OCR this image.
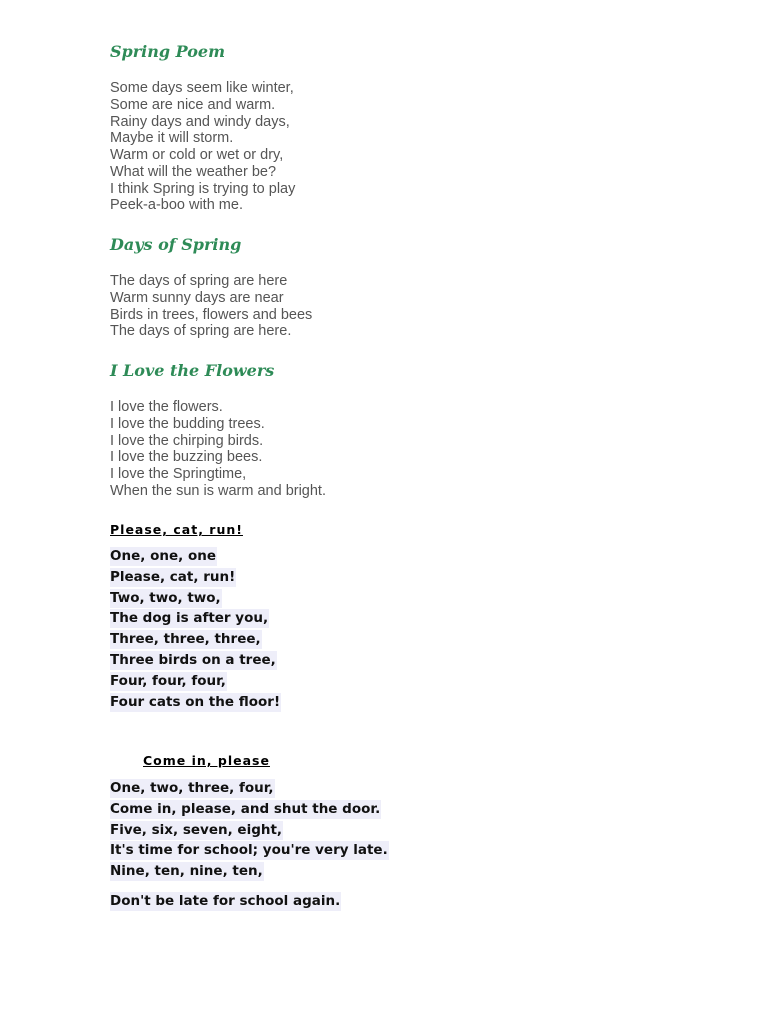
Spring Poem
Some days seem like winter,
Some are nice and warm.
Rainy days and windy days,
Maybe it will storm.
Warm or cold or wet or dry,
What will the weather be?
I think Spring is trying to play
Peek-a-boo with me.
Days of Spring
The days of spring are here
Warm sunny days are near
Birds in trees, flowers and bees
The days of spring are here.
I Love the Flowers
I love the flowers.
I love the budding trees.
I love the chirping birds.
I love the buzzing bees.
I love the Springtime,
When the sun is warm and bright.
Please, cat, run!
One, one, one
Please, cat, run!
Two, two, two,
The dog is after you,
Three, three, three,
Three birds on a tree,
Four, four, four,
Four cats on the floor!
Come in, please
One, two, three, four,
Come in, please, and shut the door.
Five, six, seven, eight,
It's time for school; you're very late.
Nine, ten, nine, ten,

Don't be late for school again.
